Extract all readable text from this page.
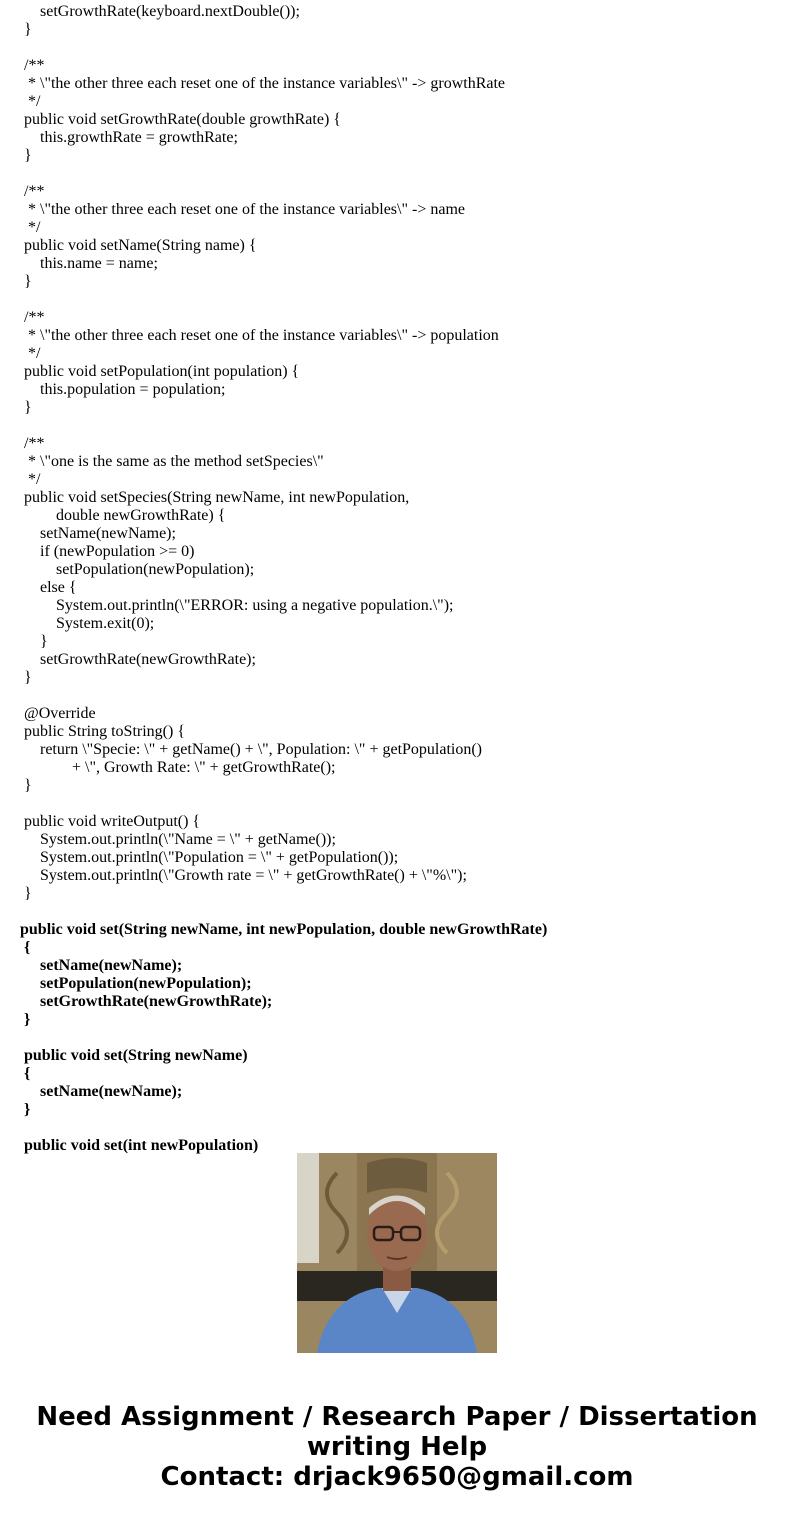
setGrowthRate(keyboard.nextDouble());
}
/**
* \"the other three each reset one of the instance variables\" -> growthRate
*/
public void setGrowthRate(double growthRate) {
this.growthRate = growthRate;
}
/**
* \"the other three each reset one of the instance variables\" -> name
*/
public void setName(String name) {
this.name = name;
}
/**
* \"the other three each reset one of the instance variables\" -> population
*/
public void setPopulation(int population) {
this.population = population;
}
/**
* \"one is the same as the method setSpecies\"
*/
public void setSpecies(String newName, int newPopulation,
double newGrowthRate) {
setName(newName);
if (newPopulation >= 0)
setPopulation(newPopulation);
else {
System.out.println(\"ERROR: using a negative population.\");
System.exit(0);
}
setGrowthRate(newGrowthRate);
}
@Override
public String toString() {
return \"Specie: \" + getName() + \", Population: \" + getPopulation()
+ \", Growth Rate: \" + getGrowthRate();
}
public void writeOutput() {
System.out.println(\"Name = \" + getName());
System.out.println(\"Population = \" + getPopulation());
System.out.println(\"Growth rate = \" + getGrowthRate() + \"%\");
}
public void set(String newName, int newPopulation, double newGrowthRate)
{
setName(newName);
setPopulation(newPopulation);
setGrowthRate(newGrowthRate);
}
public void set(String newName)
{
setName(newName);
}
public void set(int newPopulation)
Need Assignment / Research Paper / Dissertation
writing Help
Contact: drjack9650@gmail.com
